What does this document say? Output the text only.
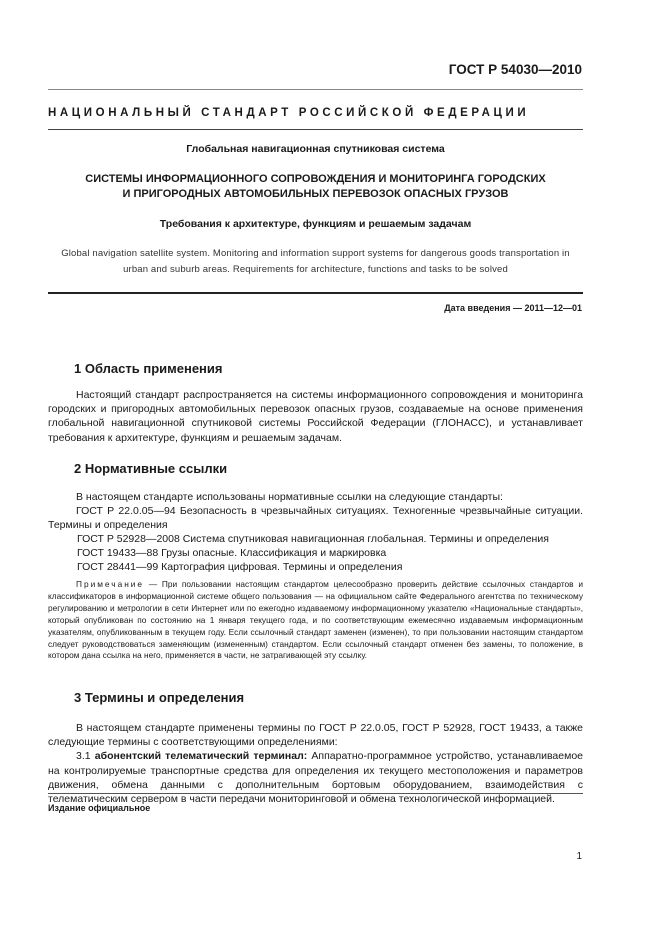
ГОСТ Р 54030—2010
НАЦИОНАЛЬНЫЙ СТАНДАРТ РОССИЙСКОЙ ФЕДЕРАЦИИ
Глобальная навигационная спутниковая система
СИСТЕМЫ ИНФОРМАЦИОННОГО СОПРОВОЖДЕНИЯ И МОНИТОРИНГА ГОРОДСКИХ
И ПРИГОРОДНЫХ АВТОМОБИЛЬНЫХ ПЕРЕВОЗОК ОПАСНЫХ ГРУЗОВ
Требования к архитектуре, функциям и решаемым задачам
Global navigation satellite system. Monitoring and information support systems for dangerous goods transportation in
urban and suburb areas. Requirements for architecture, functions and tasks to be solved
Дата введения — 2011—12—01
1 Область применения

Настоящий стандарт распространяется на системы информационного сопровождения и мониторинга городских и пригородных автомобильных перевозок опасных грузов, создаваемые на основе применения глобальной навигационной спутниковой системы Российской Федерации (ГЛОНАСС), и устанавливает требования к архитектуре, функциям и решаемым задачам.

2 Нормативные ссылки

В настоящем стандарте использованы нормативные ссылки на следующие стандарты:

ГОСТ Р 22.0.05—94 Безопасность в чрезвычайных ситуациях. Техногенные чрезвычайные ситуации. Термины и определения

ГОСТ Р 52928—2008 Система спутниковая навигационная глобальная. Термины и определения
ГОСТ 19433—88 Грузы опасные. Классификация и маркировка
ГОСТ 28441—99 Картография цифровая. Термины и определения
Примечание — При пользовании настоящим стандартом целесообразно проверить действие ссылочных стандартов и классификаторов в информационной системе общего пользования — на официальном сайте Федерального агентства по техническому регулированию и метрологии в сети Интернет или по ежегодно издаваемому информационному указателю «Национальные стандарты», который опубликован по состоянию на 1 января текущего года, и по соответствующим ежемесячно издаваемым информационным указателям, опубликованным в текущем году. Если ссылочный стандарт заменен (изменен), то при пользовании настоящим стандартом следует руководствоваться заменяющим (измененным) стандартом. Если ссылочный стандарт отменен без замены, то положение, в котором дана ссылка на него, применяется в части, не затрагивающей эту ссылку.
3 Термины и определения

В настоящем стандарте применены термины по ГОСТ Р 22.0.05, ГОСТ Р 52928, ГОСТ 19433, а также следующие термины с соответствующими определениями:

3.1 абонентский телематический терминал: Аппаратно-программное устройство, устанавливаемое на контролируемые транспортные средства для определения их текущего местоположения и параметров движения, обмена данными с дополнительным бортовым оборудованием, взаимодействия с телематическим сервером в части передачи мониторинговой и обмена технологической информацией.

Издание официальное
1
